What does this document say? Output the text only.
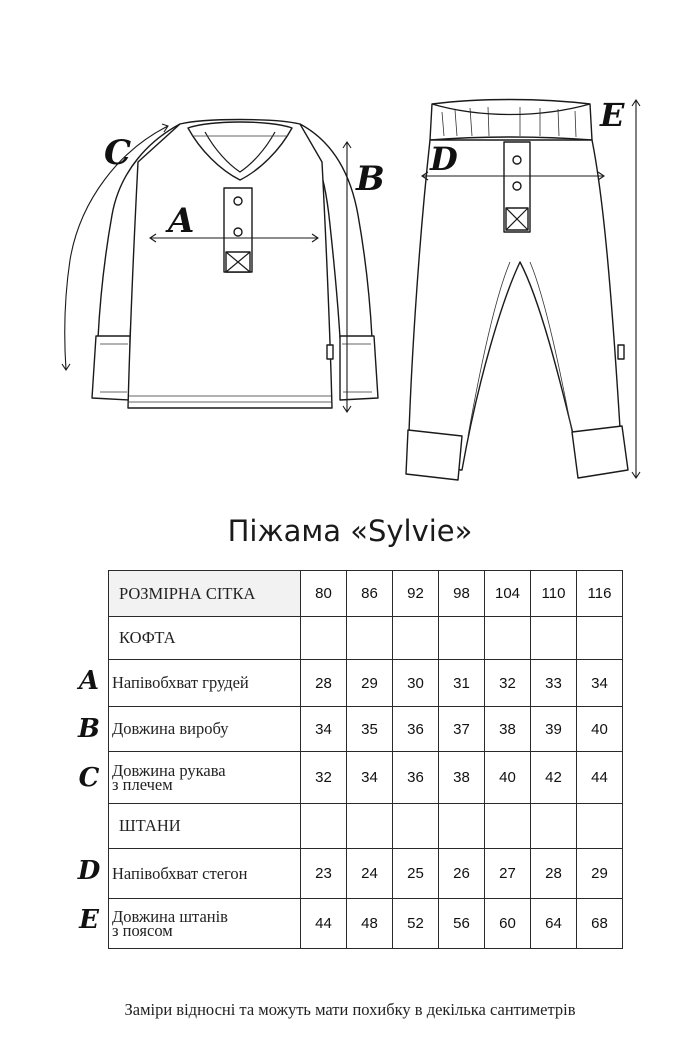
A
B
C	D
E
Піжама «Sylvie»
РОЗМІРНА СІТКА	80	86	92	98	104	110	116
КОФТА							
Напівобхват грудей	28	29	30	31	32	33	34
Довжина виробу	34	35	36	37	38	39	40

Довжина рукава
з плечем	32	34	36	38	40	42	44
ШТАНИ							
Напівобхват стегон	23	24	25	26	27	28	29

Довжина штанів
з поясом	44	48	52	56	60	64	68
A
B
C
D
E
Заміри відносні та можуть мати похибку в декілька сантиметрів
